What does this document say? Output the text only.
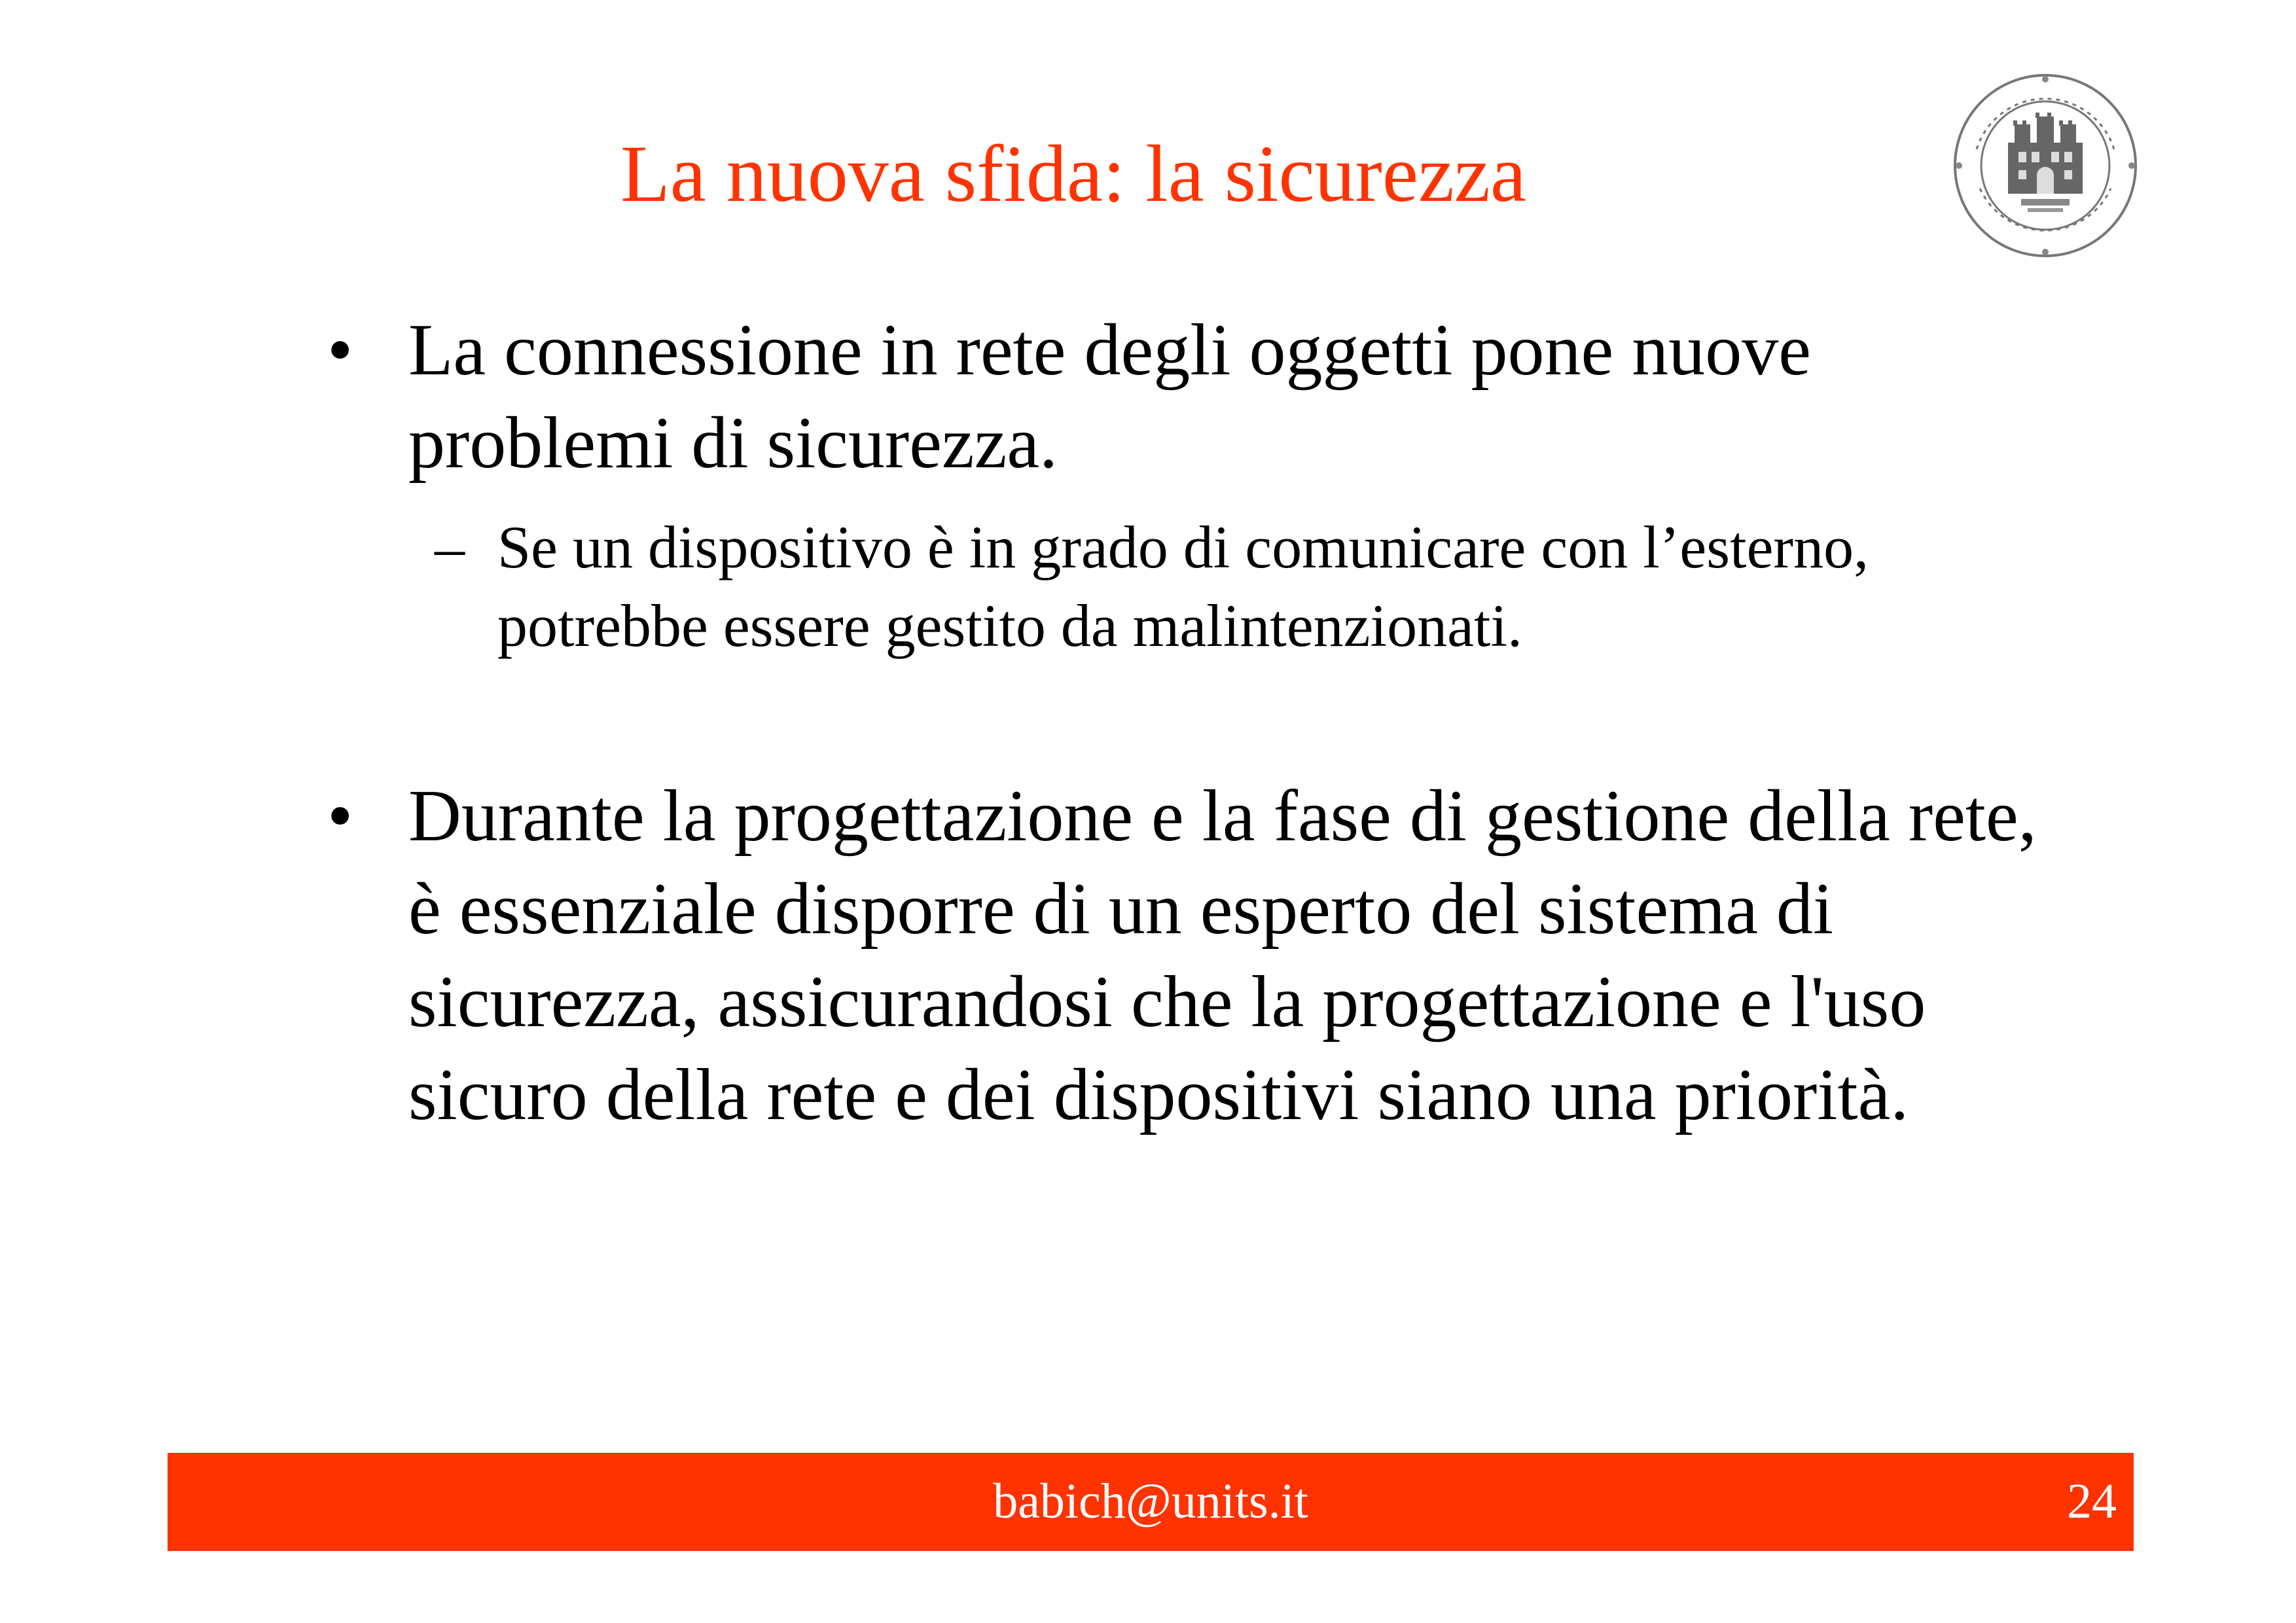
La nuova sfida: la sicurezza
• La connessione in rete degli oggetti pone nuove problemi di sicurezza.
– Se un dispositivo è in grado di comunicare con l’esterno, potrebbe essere gestito da malintenzionati.
• Durante la progettazione e la fase di gestione della rete, è essenziale disporre di un esperto del sistema di sicurezza, assicurandosi che la progettazione e l'uso sicuro della rete e dei dispositivi siano una priorità.
babich@units.it	24
